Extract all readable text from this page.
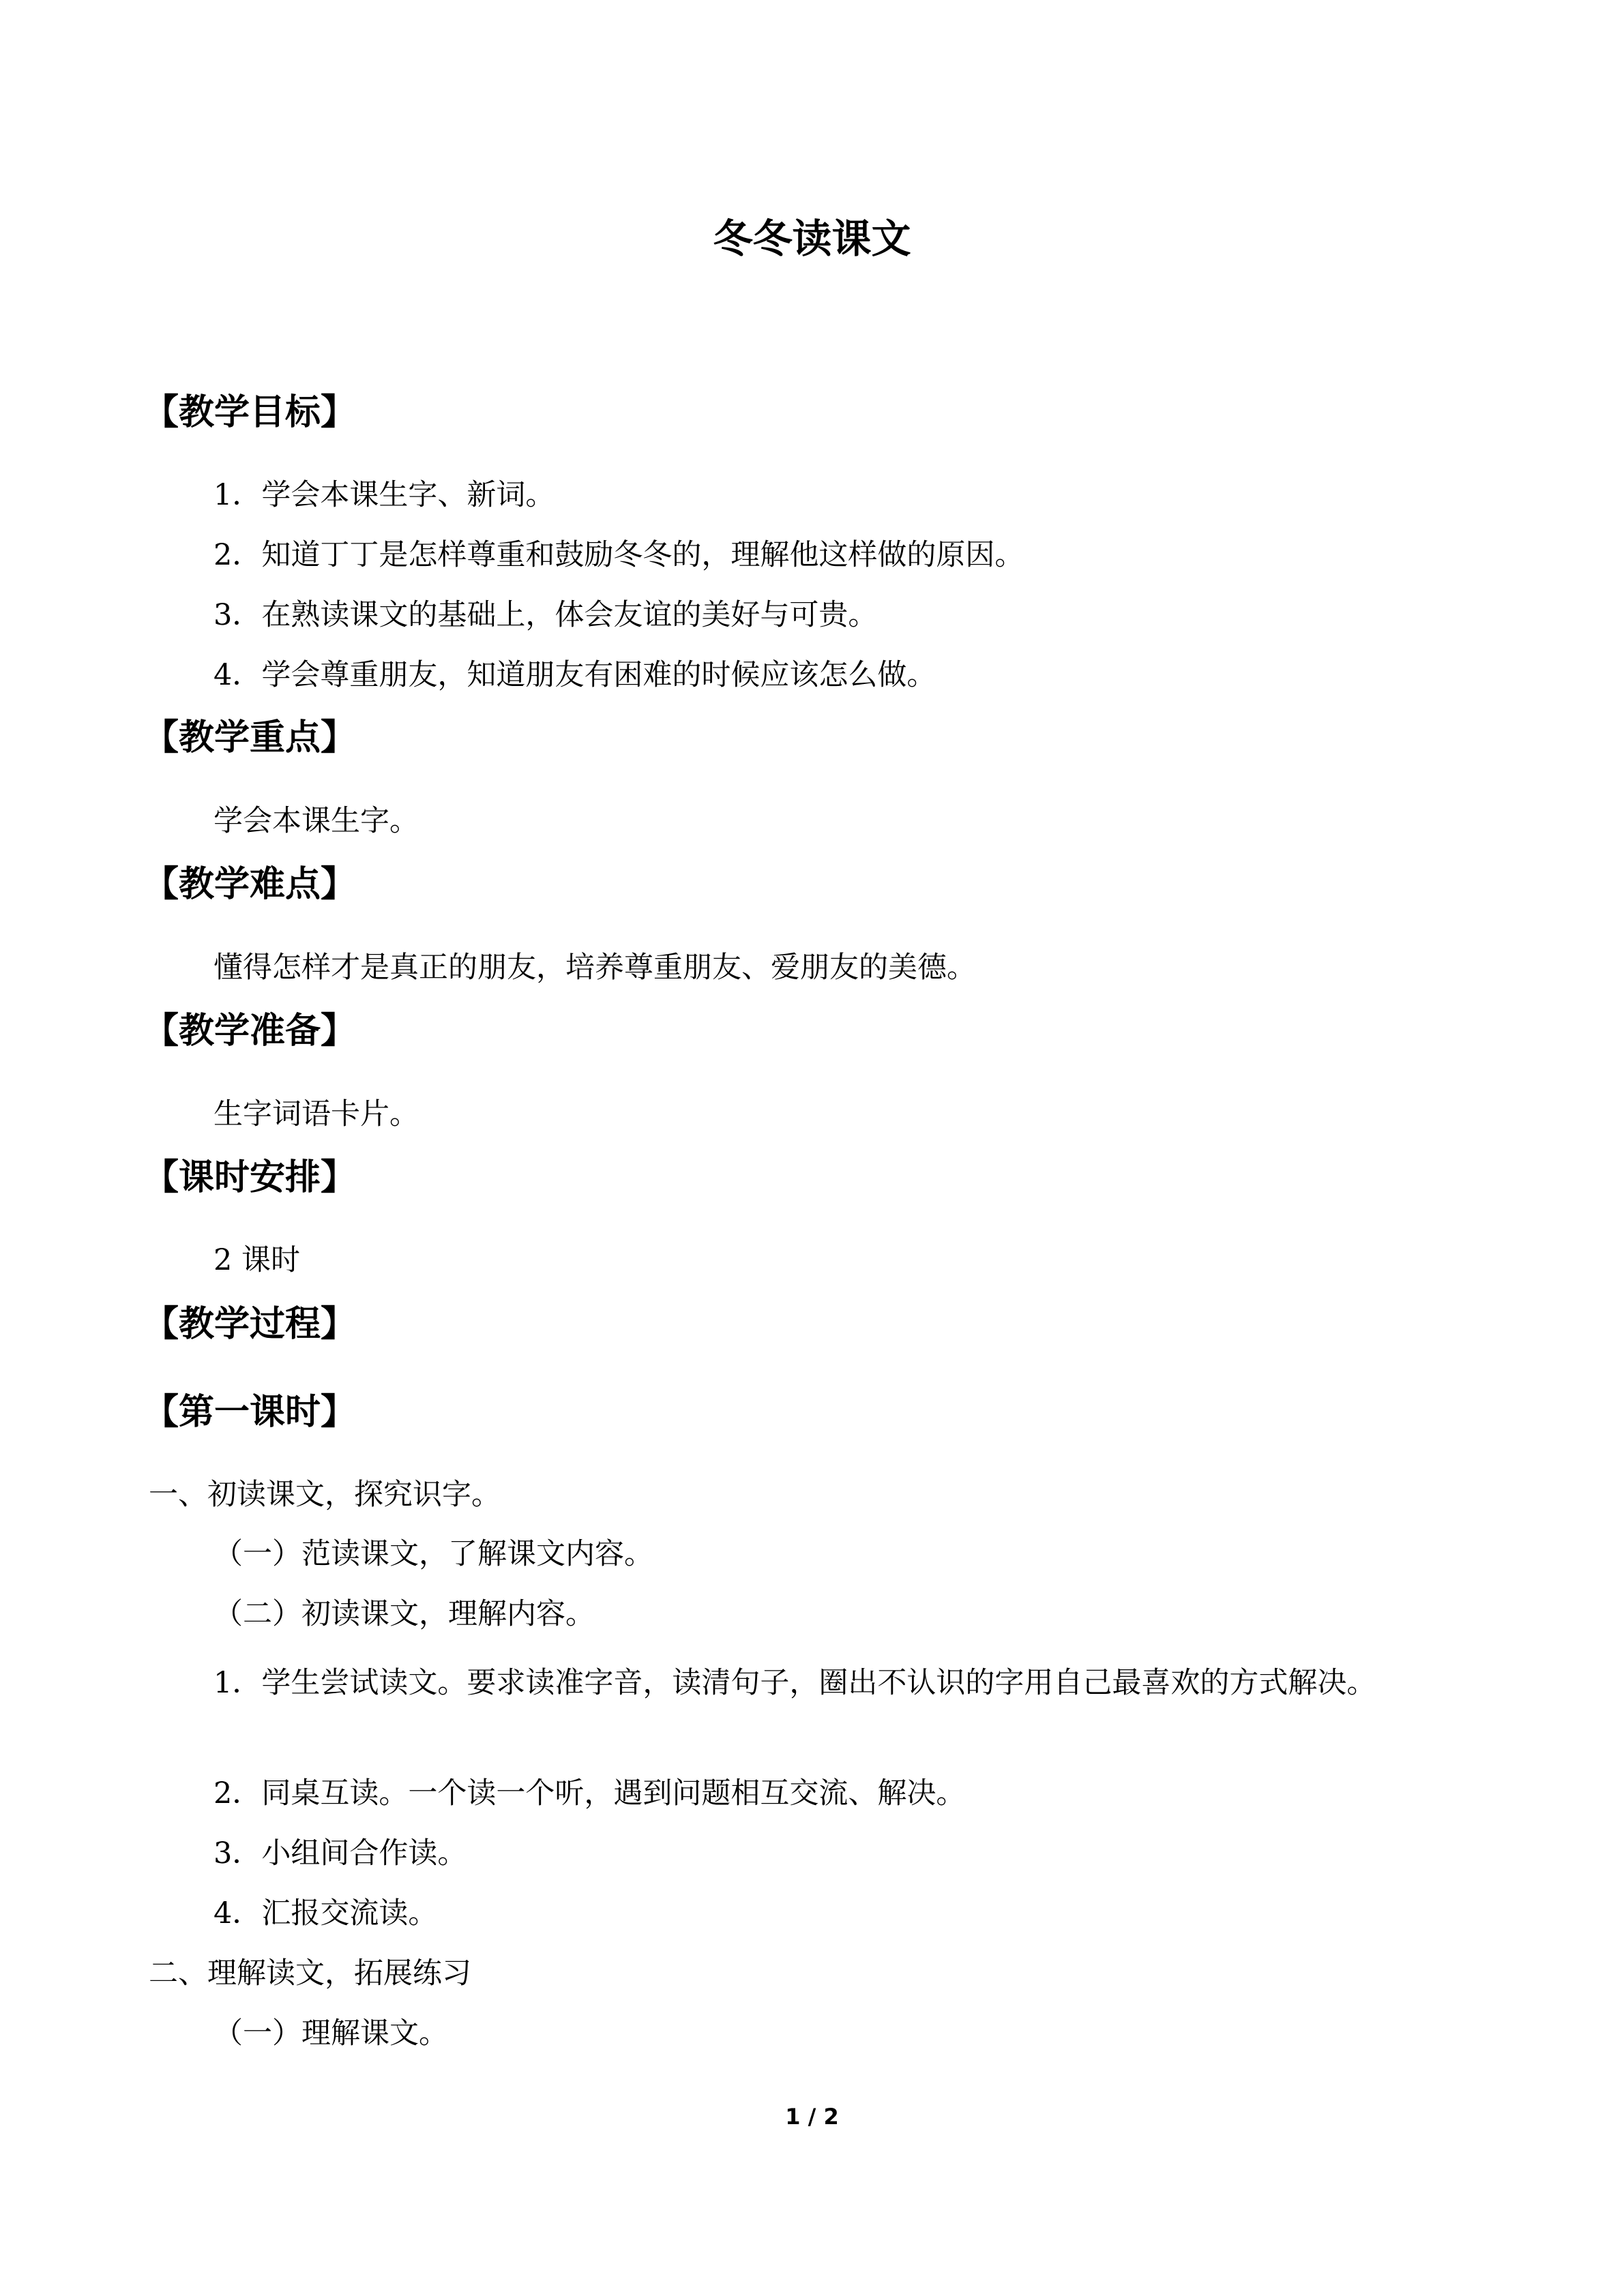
冬冬读课文
【教学目标】

1．学会本课生字、新词。

2．知道丁丁是怎样尊重和鼓励冬冬的，理解他这样做的原因。

3．在熟读课文的基础上，体会友谊的美好与可贵。

4．学会尊重朋友，知道朋友有困难的时候应该怎么做。

【教学重点】

学会本课生字。

【教学难点】

懂得怎样才是真正的朋友，培养尊重朋友、爱朋友的美德。

【教学准备】

生字词语卡片。

【课时安排】

2 课时

【教学过程】
【第一课时】

一、初读课文，探究识字。

（一）范读课文，了解课文内容。

（二）初读课文，理解内容。

1．学生尝试读文。要求读准字音，读清句子，圈出不认识的字用自己最喜欢的方式解决。

2．同桌互读。一个读一个听，遇到问题相互交流、解决。

3．小组间合作读。

4．汇报交流读。

二、理解读文，拓展练习

（一）理解课文。

1 / 2
